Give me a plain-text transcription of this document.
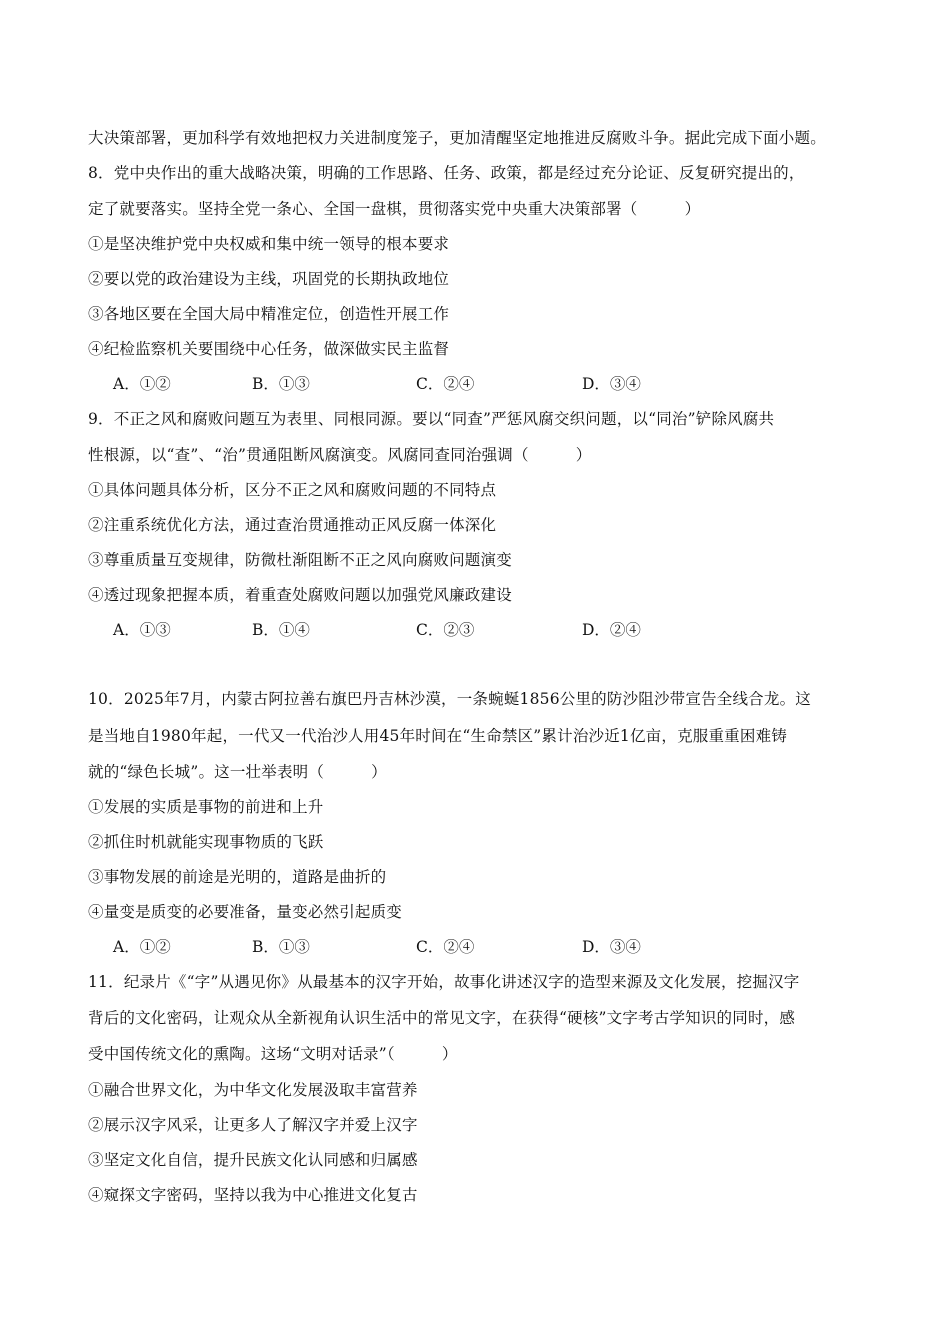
大决策部署，更加科学有效地把权力关进制度笼子，更加清醒坚定地推进反腐败斗争。据此完成下面小题。
8．党中央作出的重大战略决策，明确的工作思路、任务、政策，都是经过充分论证、反复研究提出的，
定了就要落实。坚持全党一条心、全国一盘棋，贯彻落实党中央重大决策部署（　　　）
①是坚决维护党中央权威和集中统一领导的根本要求
②要以党的政治建设为主线，巩固党的长期执政地位
③各地区要在全国大局中精准定位，创造性开展工作
④纪检监察机关要围绕中心任务，做深做实民主监督
A．①②	B．①③	C．②④	D．③④
9．不正之风和腐败问题互为表里、同根同源。要以“同查”严惩风腐交织问题，以“同治”铲除风腐共
性根源，以“查”、“治”贯通阻断风腐演变。风腐同查同治强调（　　　）
①具体问题具体分析，区分不正之风和腐败问题的不同特点
②注重系统优化方法，通过查治贯通推动正风反腐一体深化
③尊重质量互变规律，防微杜渐阻断不正之风向腐败问题演变
④透过现象把握本质，着重查处腐败问题以加强党风廉政建设
A．①③	B．①④	C．②③	D．②④
10．2025年7月，内蒙古阿拉善右旗巴丹吉林沙漠，一条蜿蜒1856公里的防沙阻沙带宣告全线合龙。这
是当地自1980年起，一代又一代治沙人用45年时间在“生命禁区”累计治沙近1亿亩，克服重重困难铸
就的“绿色长城”。这一壮举表明（　　　）
①发展的实质是事物的前进和上升
②抓住时机就能实现事物质的飞跃
③事物发展的前途是光明的，道路是曲折的
④量变是质变的必要准备，量变必然引起质变
A．①②	B．①③	C．②④	D．③④
11．纪录片《“字”从遇见你》从最基本的汉字开始，故事化讲述汉字的造型来源及文化发展，挖掘汉字
背后的文化密码，让观众从全新视角认识生活中的常见文字，在获得“硬核”文字考古学知识的同时，感
受中国传统文化的熏陶。这场“文明对话录”（　　　）
①融合世界文化，为中华文化发展汲取丰富营养
②展示汉字风采，让更多人了解汉字并爱上汉字
③坚定文化自信，提升民族文化认同感和归属感
④窥探文字密码，坚持以我为中心推进文化复古
